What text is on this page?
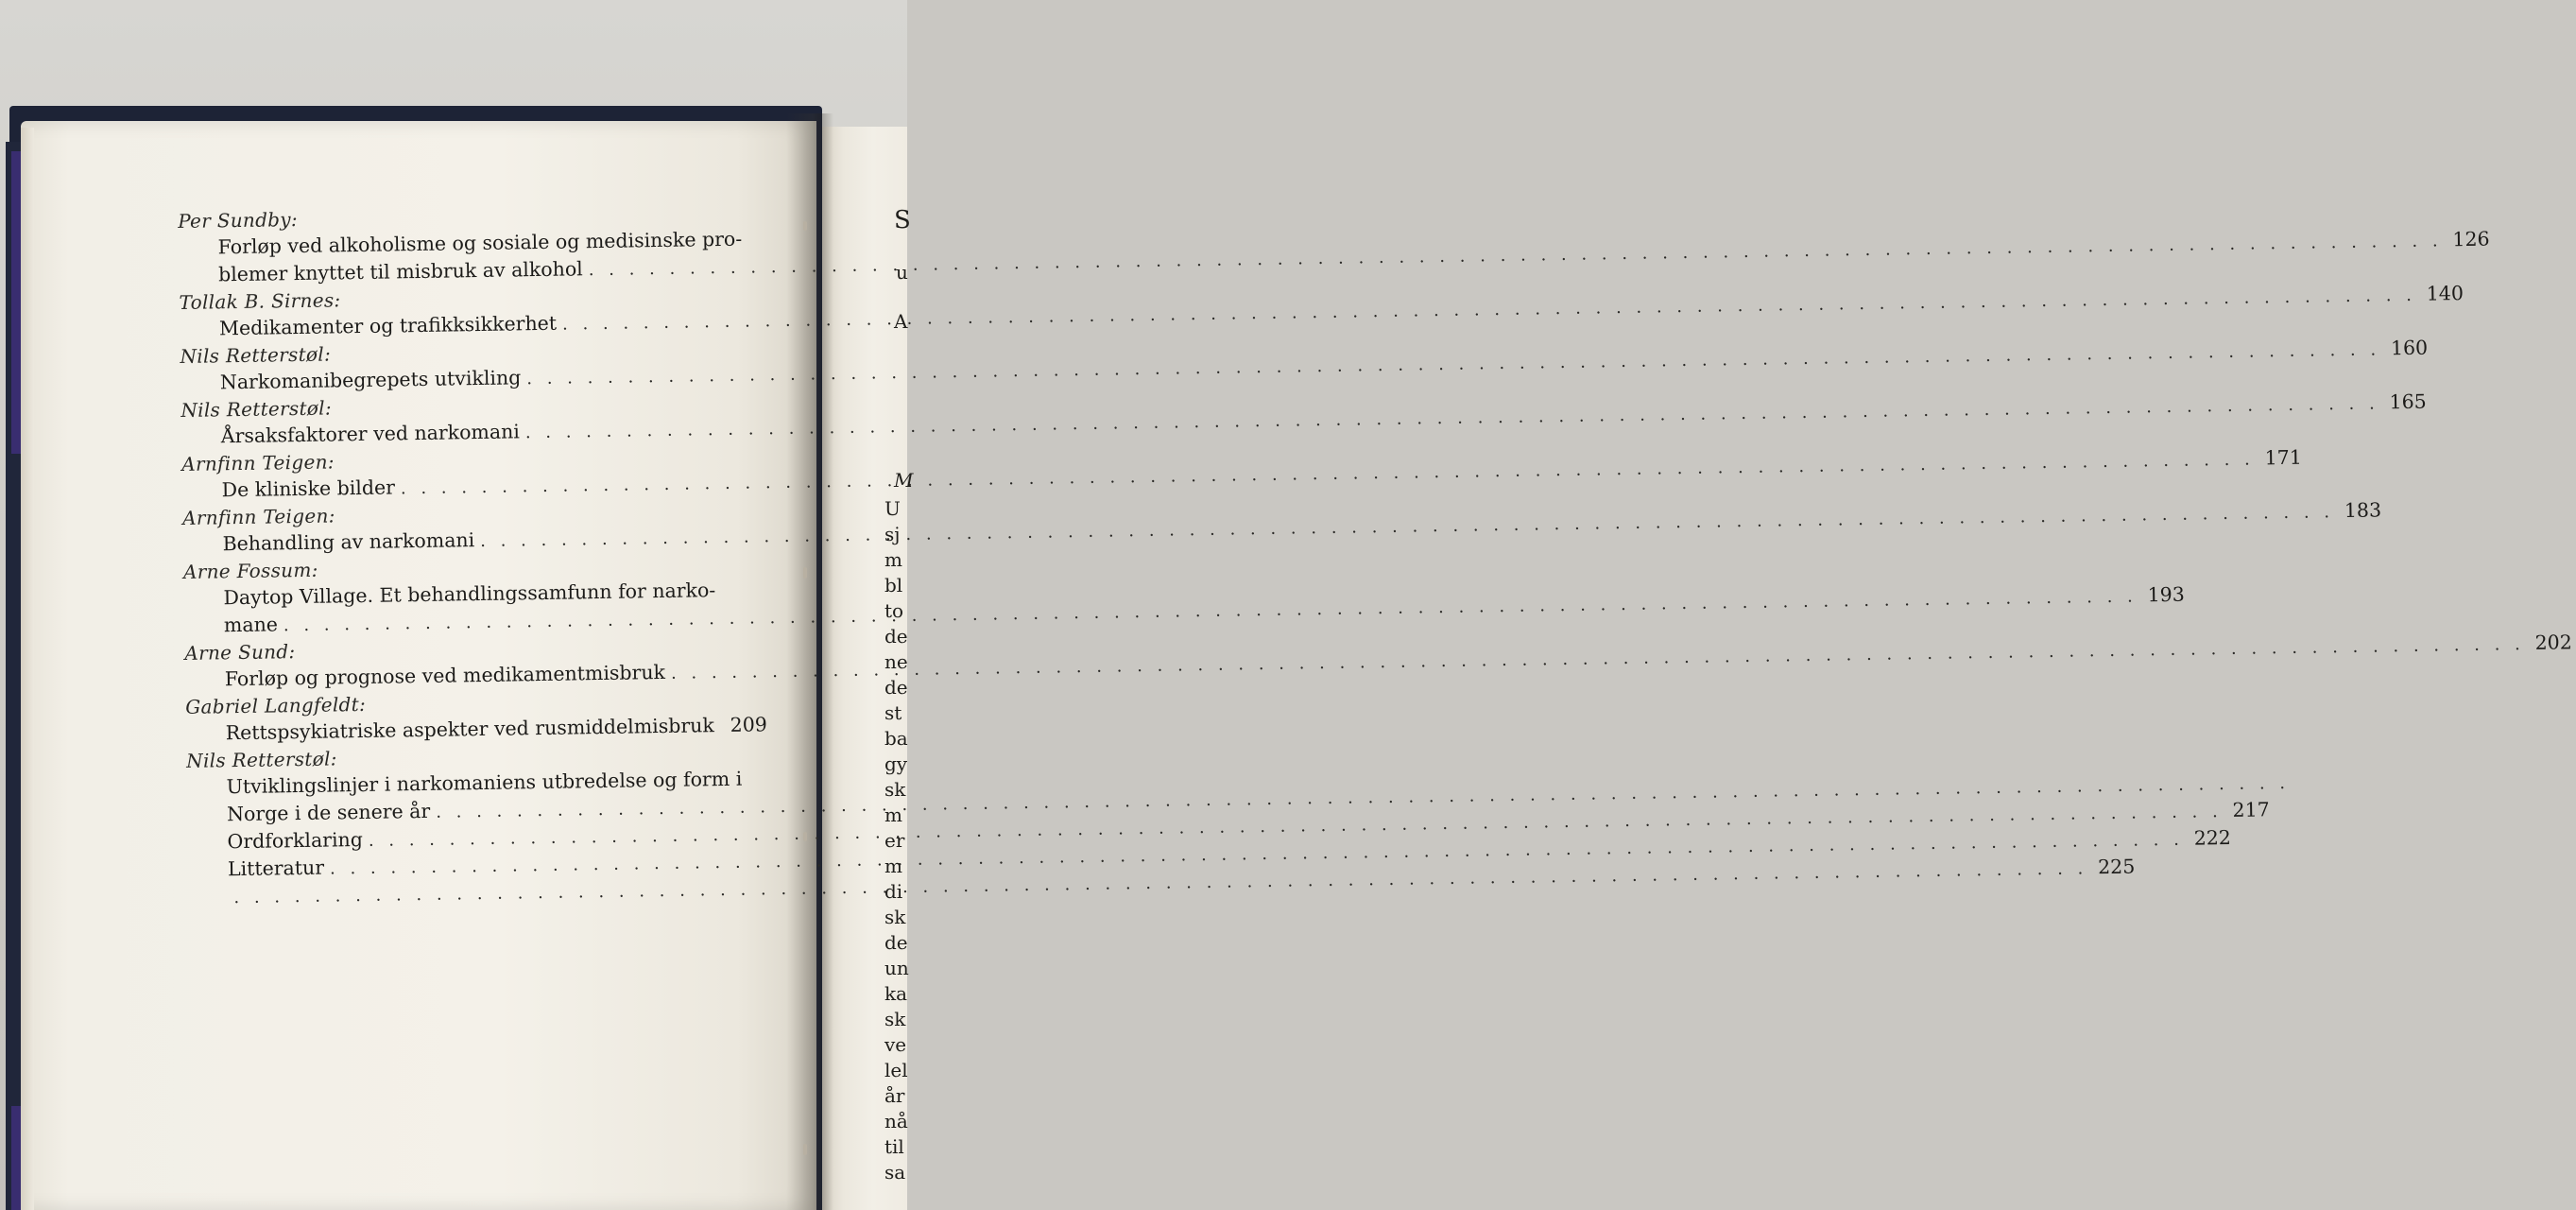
Per Sundby:
Forløp ved alkoholisme og sosiale og medisinske pro-
blemer knyttet til misbruk av alkohol
. . .
126
Tollak B. Sirnes:
Medikamenter og trafikksikkerhet
. . .
140
Nils Retterstøl:
Narkomanibegrepets utvikling
. . .
160
Nils Retterstøl:
Årsaksfaktorer ved narkomani
. . .
165
Arnfinn Teigen:
De kliniske bilder
. . .
171
Arnfinn Teigen:
Behandling av narkomani
. . .
183
Arne Fossum:
Daytop Village. Et behandlingssamfunn for narko-
mane
. . .
193
Arne Sund:
Forløp og prognose ved medikamentmisbruk
. . .
202
Gabriel Langfeldt:
Rettspsykiatriske aspekter ved rusmiddelmisbruk
. . . 209
Nils Retterstøl:
Utviklingslinjer i narkomaniens utbredelse og form i
Norge i de senere år
. . .
Ordforklaring
. . .
217
Litteratur
. . .
222
. . .
225
S
u
A
M
U
sj
m
bl
to
de
ne
de
st
ba
gy
sk
m
er
m
di
sk
de
un
ka
sk
ve
lel
år
nå
til
sa
